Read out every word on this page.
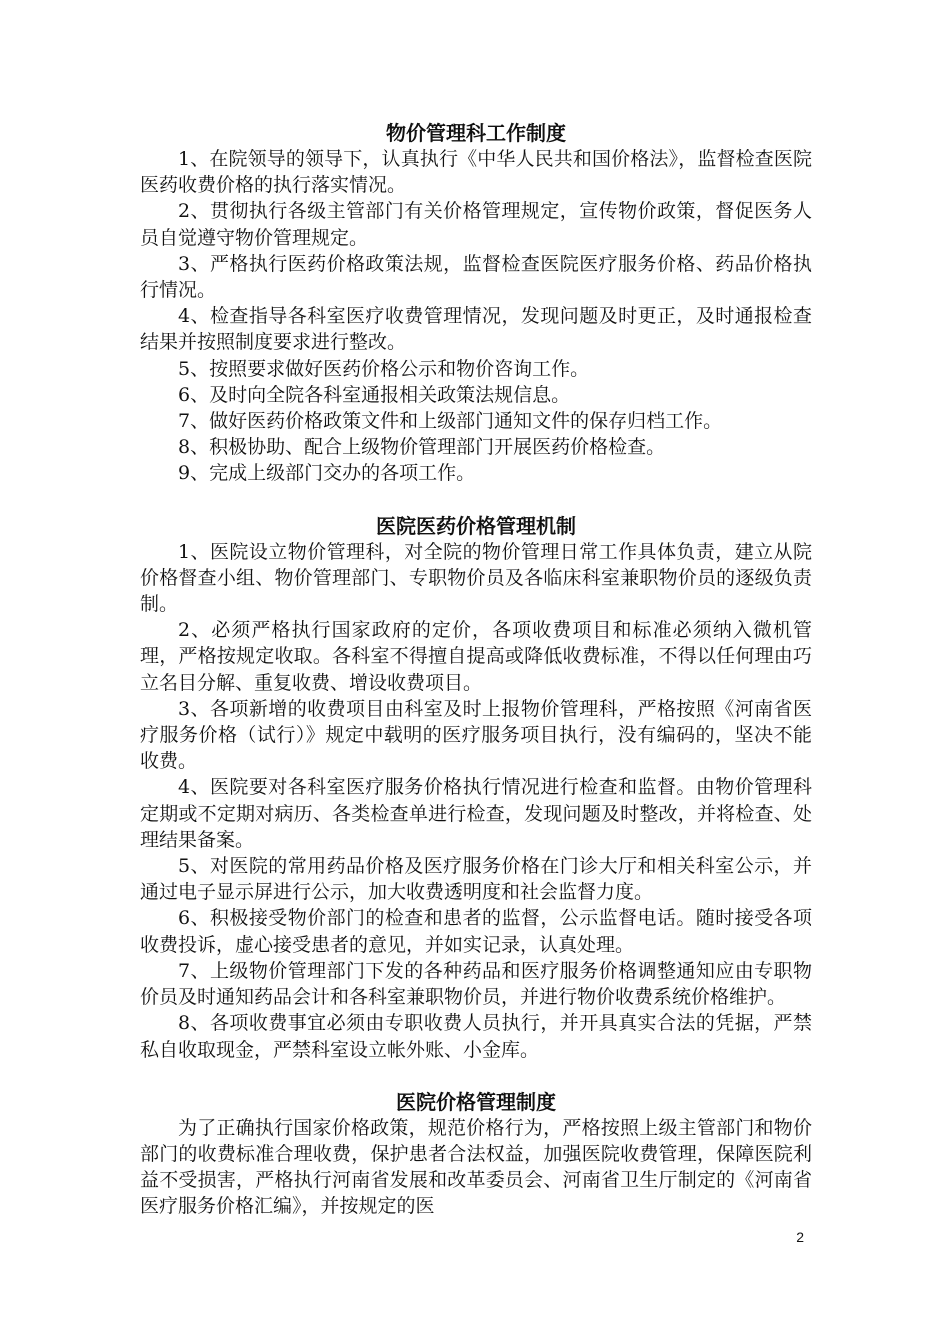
物价管理科工作制度

1、在院领导的领导下，认真执行《中华人民共和国价格法》，监督检查医院医药收费价格的执行落实情况。

2、贯彻执行各级主管部门有关价格管理规定，宣传物价政策，督促医务人员自觉遵守物价管理规定。

3、严格执行医药价格政策法规，监督检查医院医疗服务价格、药品价格执行情况。

4、检查指导各科室医疗收费管理情况，发现问题及时更正，及时通报检查结果并按照制度要求进行整改。

5、按照要求做好医药价格公示和物价咨询工作。

6、及时向全院各科室通报相关政策法规信息。

7、做好医药价格政策文件和上级部门通知文件的保存归档工作。

8、积极协助、配合上级物价管理部门开展医药价格检查。

9、完成上级部门交办的各项工作。

医院医药价格管理机制

1、医院设立物价管理科，对全院的物价管理日常工作具体负责，建立从院价格督查小组、物价管理部门、专职物价员及各临床科室兼职物价员的逐级负责制。

2、必须严格执行国家政府的定价，各项收费项目和标准必须纳入微机管理，严格按规定收取。各科室不得擅自提高或降低收费标准，不得以任何理由巧立名目分解、重复收费、增设收费项目。

3、各项新增的收费项目由科室及时上报物价管理科，严格按照《河南省医疗服务价格（试行）》规定中载明的医疗服务项目执行，没有编码的，坚决不能收费。

4、医院要对各科室医疗服务价格执行情况进行检查和监督。由物价管理科定期或不定期对病历、各类检查单进行检查，发现问题及时整改，并将检查、处理结果备案。

5、对医院的常用药品价格及医疗服务价格在门诊大厅和相关科室公示，并通过电子显示屏进行公示，加大收费透明度和社会监督力度。

6、积极接受物价部门的检查和患者的监督，公示监督电话。随时接受各项收费投诉，虚心接受患者的意见，并如实记录，认真处理。

7、上级物价管理部门下发的各种药品和医疗服务价格调整通知应由专职物价员及时通知药品会计和各科室兼职物价员，并进行物价收费系统价格维护。

8、各项收费事宜必须由专职收费人员执行，并开具真实合法的凭据，严禁私自收取现金，严禁科室设立帐外账、小金库。

医院价格管理制度

为了正确执行国家价格政策，规范价格行为，严格按照上级主管部门和物价部门的收费标准合理收费，保护患者合法权益，加强医院收费管理，保障医院利益不受损害，严格执行河南省发展和改革委员会、河南省卫生厅制定的《河南省医疗服务价格汇编》，并按规定的医

2
